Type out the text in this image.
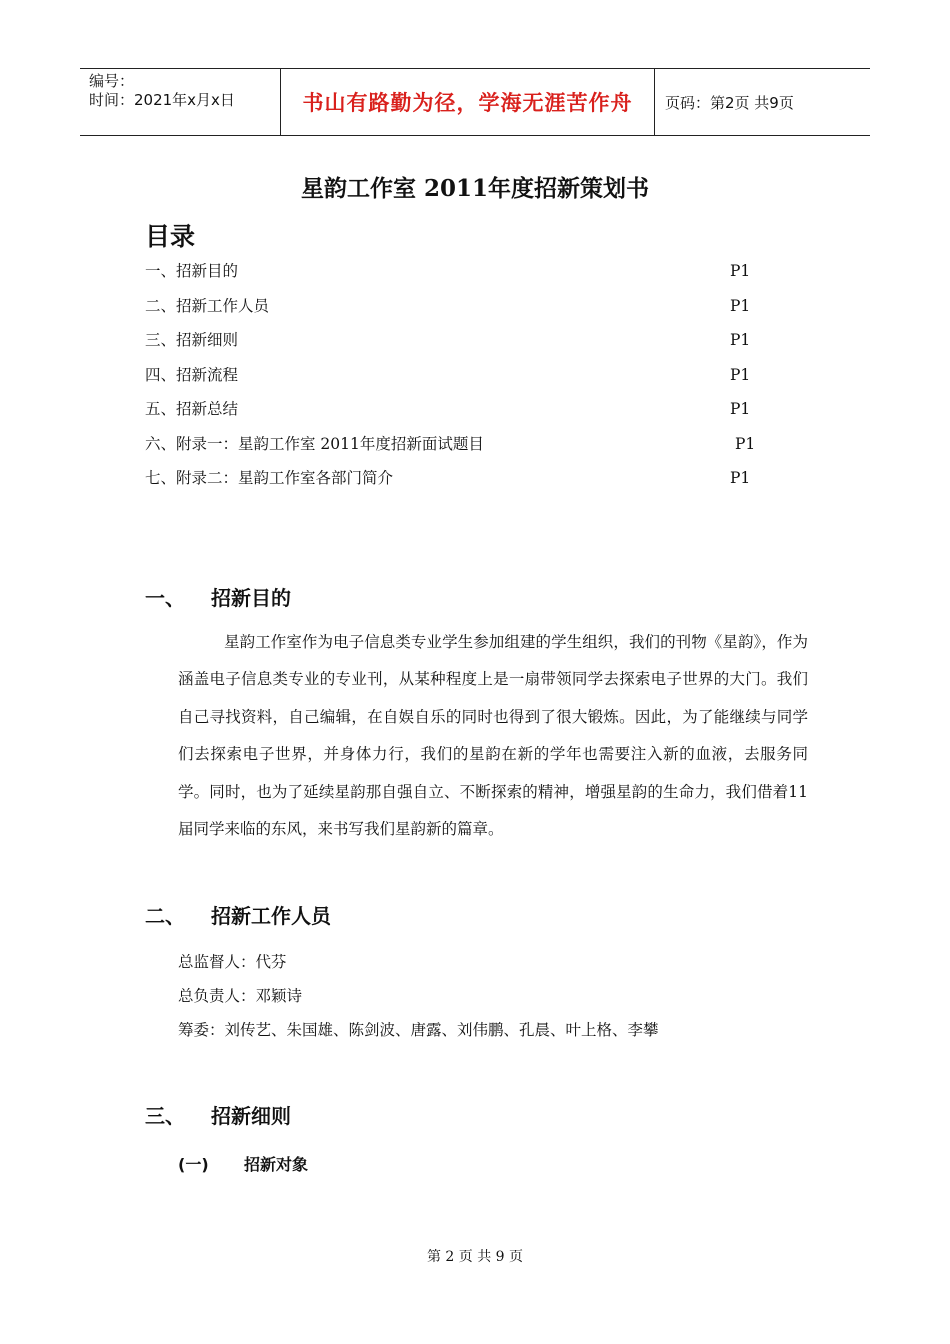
编号：
时间：2021年x月x日	书山有路勤为径，学海无涯苦作舟	页码：第2页 共9页
星韵工作室 2011年度招新策划书
目录
一、招新目的	P1
二、招新工作人员	P1
三、招新细则	P1
四、招新流程	P1
五、招新总结	P1
六、附录一：星韵工作室 2011年度招新面试题目	P1
七、附录二：星韵工作室各部门简介	P1
一、 招新目的
星韵工作室作为电子信息类专业学生参加组建的学生组织，我们的刊物《星韵》，作为涵盖电子信息类专业的专业刊，从某种程度上是一扇带领同学去探索电子世界的大门。我们自己寻找资料，自己编辑，在自娱自乐的同时也得到了很大锻炼。因此，为了能继续与同学们去探索电子世界，并身体力行，我们的星韵在新的学年也需要注入新的血液，去服务同学。同时，也为了延续星韵那自强自立、不断探索的精神，增强星韵的生命力，我们借着11届同学来临的东风，来书写我们星韵新的篇章。
二、 招新工作人员
总监督人：代芬
总负责人：邓颖诗
筹委：刘传艺、朱国雄、陈剑波、唐露、刘伟鹏、孔晨、叶上格、李攀
三、 招新细则
(一) 招新对象
第 2 页 共 9 页
